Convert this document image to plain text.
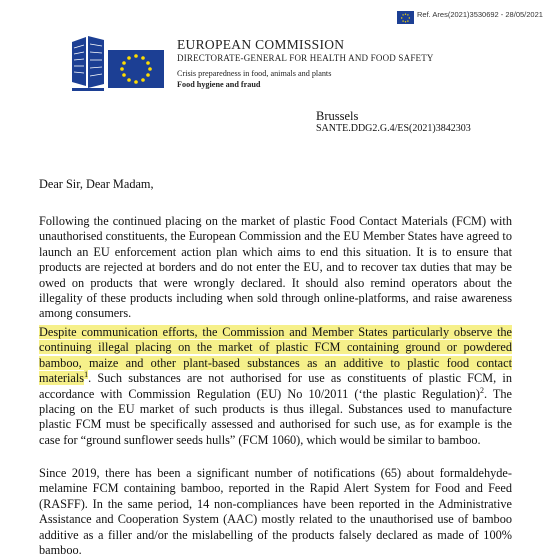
Ref. Ares(2021)3530692 - 28/05/2021
EUROPEAN COMMISSION
DIRECTORATE-GENERAL FOR HEALTH AND FOOD SAFETY
Crisis preparedness in food, animals and plants
Food hygiene and fraud
Brussels
SANTE.DDG2.G.4/ES(2021)3842303
Dear Sir, Dear Madam,
Following the continued placing on the market of plastic Food Contact Materials (FCM) with unauthorised constituents, the European Commission and the EU Member States have agreed to launch an EU enforcement action plan which aims to end this situation. It is to ensure that products are rejected at borders and do not enter the EU, and to recover tax duties that may be owed on products that were wrongly declared. It should also remind operators about the illegality of these products including when sold through online-platforms, and raise awareness among consumers.
Despite communication efforts, the Commission and Member States particularly observe the continuing illegal placing on the market of plastic FCM containing ground or powdered bamboo, maize and other plant-based substances as an additive to plastic food contact materials$^1$. Such substances are not authorised for use as constituents of plastic FCM, in accordance with Commission Regulation (EU) No 10/2011 (‘the plastic Regulation)$^2$. The placing on the EU market of such products is thus illegal. Substances used to manufacture plastic FCM must be specifically assessed and authorised for such use, as for example is the case for “ground sunflower seeds hulls” (FCM 1060), which would be similar to bamboo.
Since 2019, there has been a significant number of notifications (65) about formaldehyde-melamine FCM containing bamboo, reported in the Rapid Alert System for Food and Feed (RASFF). In the same period, 14 non-compliances have been reported in the Administrative Assistance and Cooperation System (AAC) mostly related to the unauthorised use of bamboo additive as a filler and/or the mislabelling of the products falsely declared as made of 100% bamboo.
